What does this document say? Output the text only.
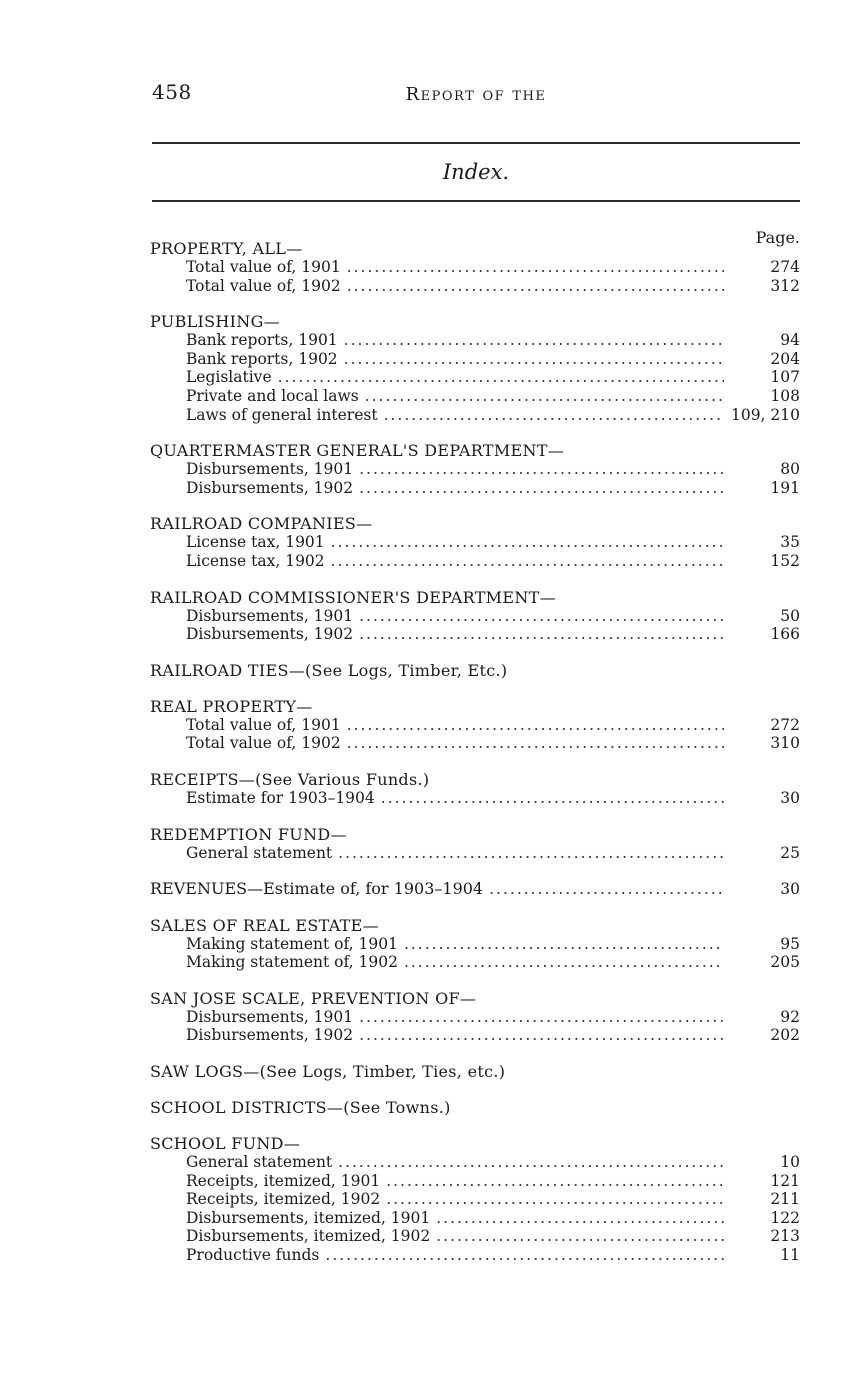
458	Report of the
Index.
Page.
PROPERTY, ALL—
Total value of, 1901 .....	274
Total value of, 1902 .....	312
PUBLISHING—
Bank reports, 1901 .....	94
Bank reports, 1902 .....	204
Legislative .....	107
Private and local laws .....	108
Laws of general interest .....	109, 210
QUARTERMASTER GENERAL'S DEPARTMENT—
Disbursements, 1901 .....	80
Disbursements, 1902 .....	191
RAILROAD COMPANIES—
License tax, 1901 .....	35
License tax, 1902 .....	152
RAILROAD COMMISSIONER'S DEPARTMENT—
Disbursements, 1901 .....	50
Disbursements, 1902 .....	166
RAILROAD TIES—(See Logs, Timber, Etc.)
REAL PROPERTY—
Total value of, 1901 .....	272
Total value of, 1902 .....	310
RECEIPTS—(See Various Funds.)
Estimate for 1903–1904 .....	30
REDEMPTION FUND—
General statement .....	25
REVENUES—Estimate of, for 1903–1904 .....	30
SALES OF REAL ESTATE—
Making statement of, 1901 .....	95
Making statement of, 1902 .....	205
SAN JOSE SCALE, PREVENTION OF—
Disbursements, 1901 .....	92
Disbursements, 1902 .....	202
SAW LOGS—(See Logs, Timber, Ties, etc.)
SCHOOL DISTRICTS—(See Towns.)
SCHOOL FUND—
General statement .....	10
Receipts, itemized, 1901 .....	121
Receipts, itemized, 1902 .....	211
Disbursements, itemized, 1901 .....	122
Disbursements, itemized, 1902 .....	213
Productive funds .....	11
